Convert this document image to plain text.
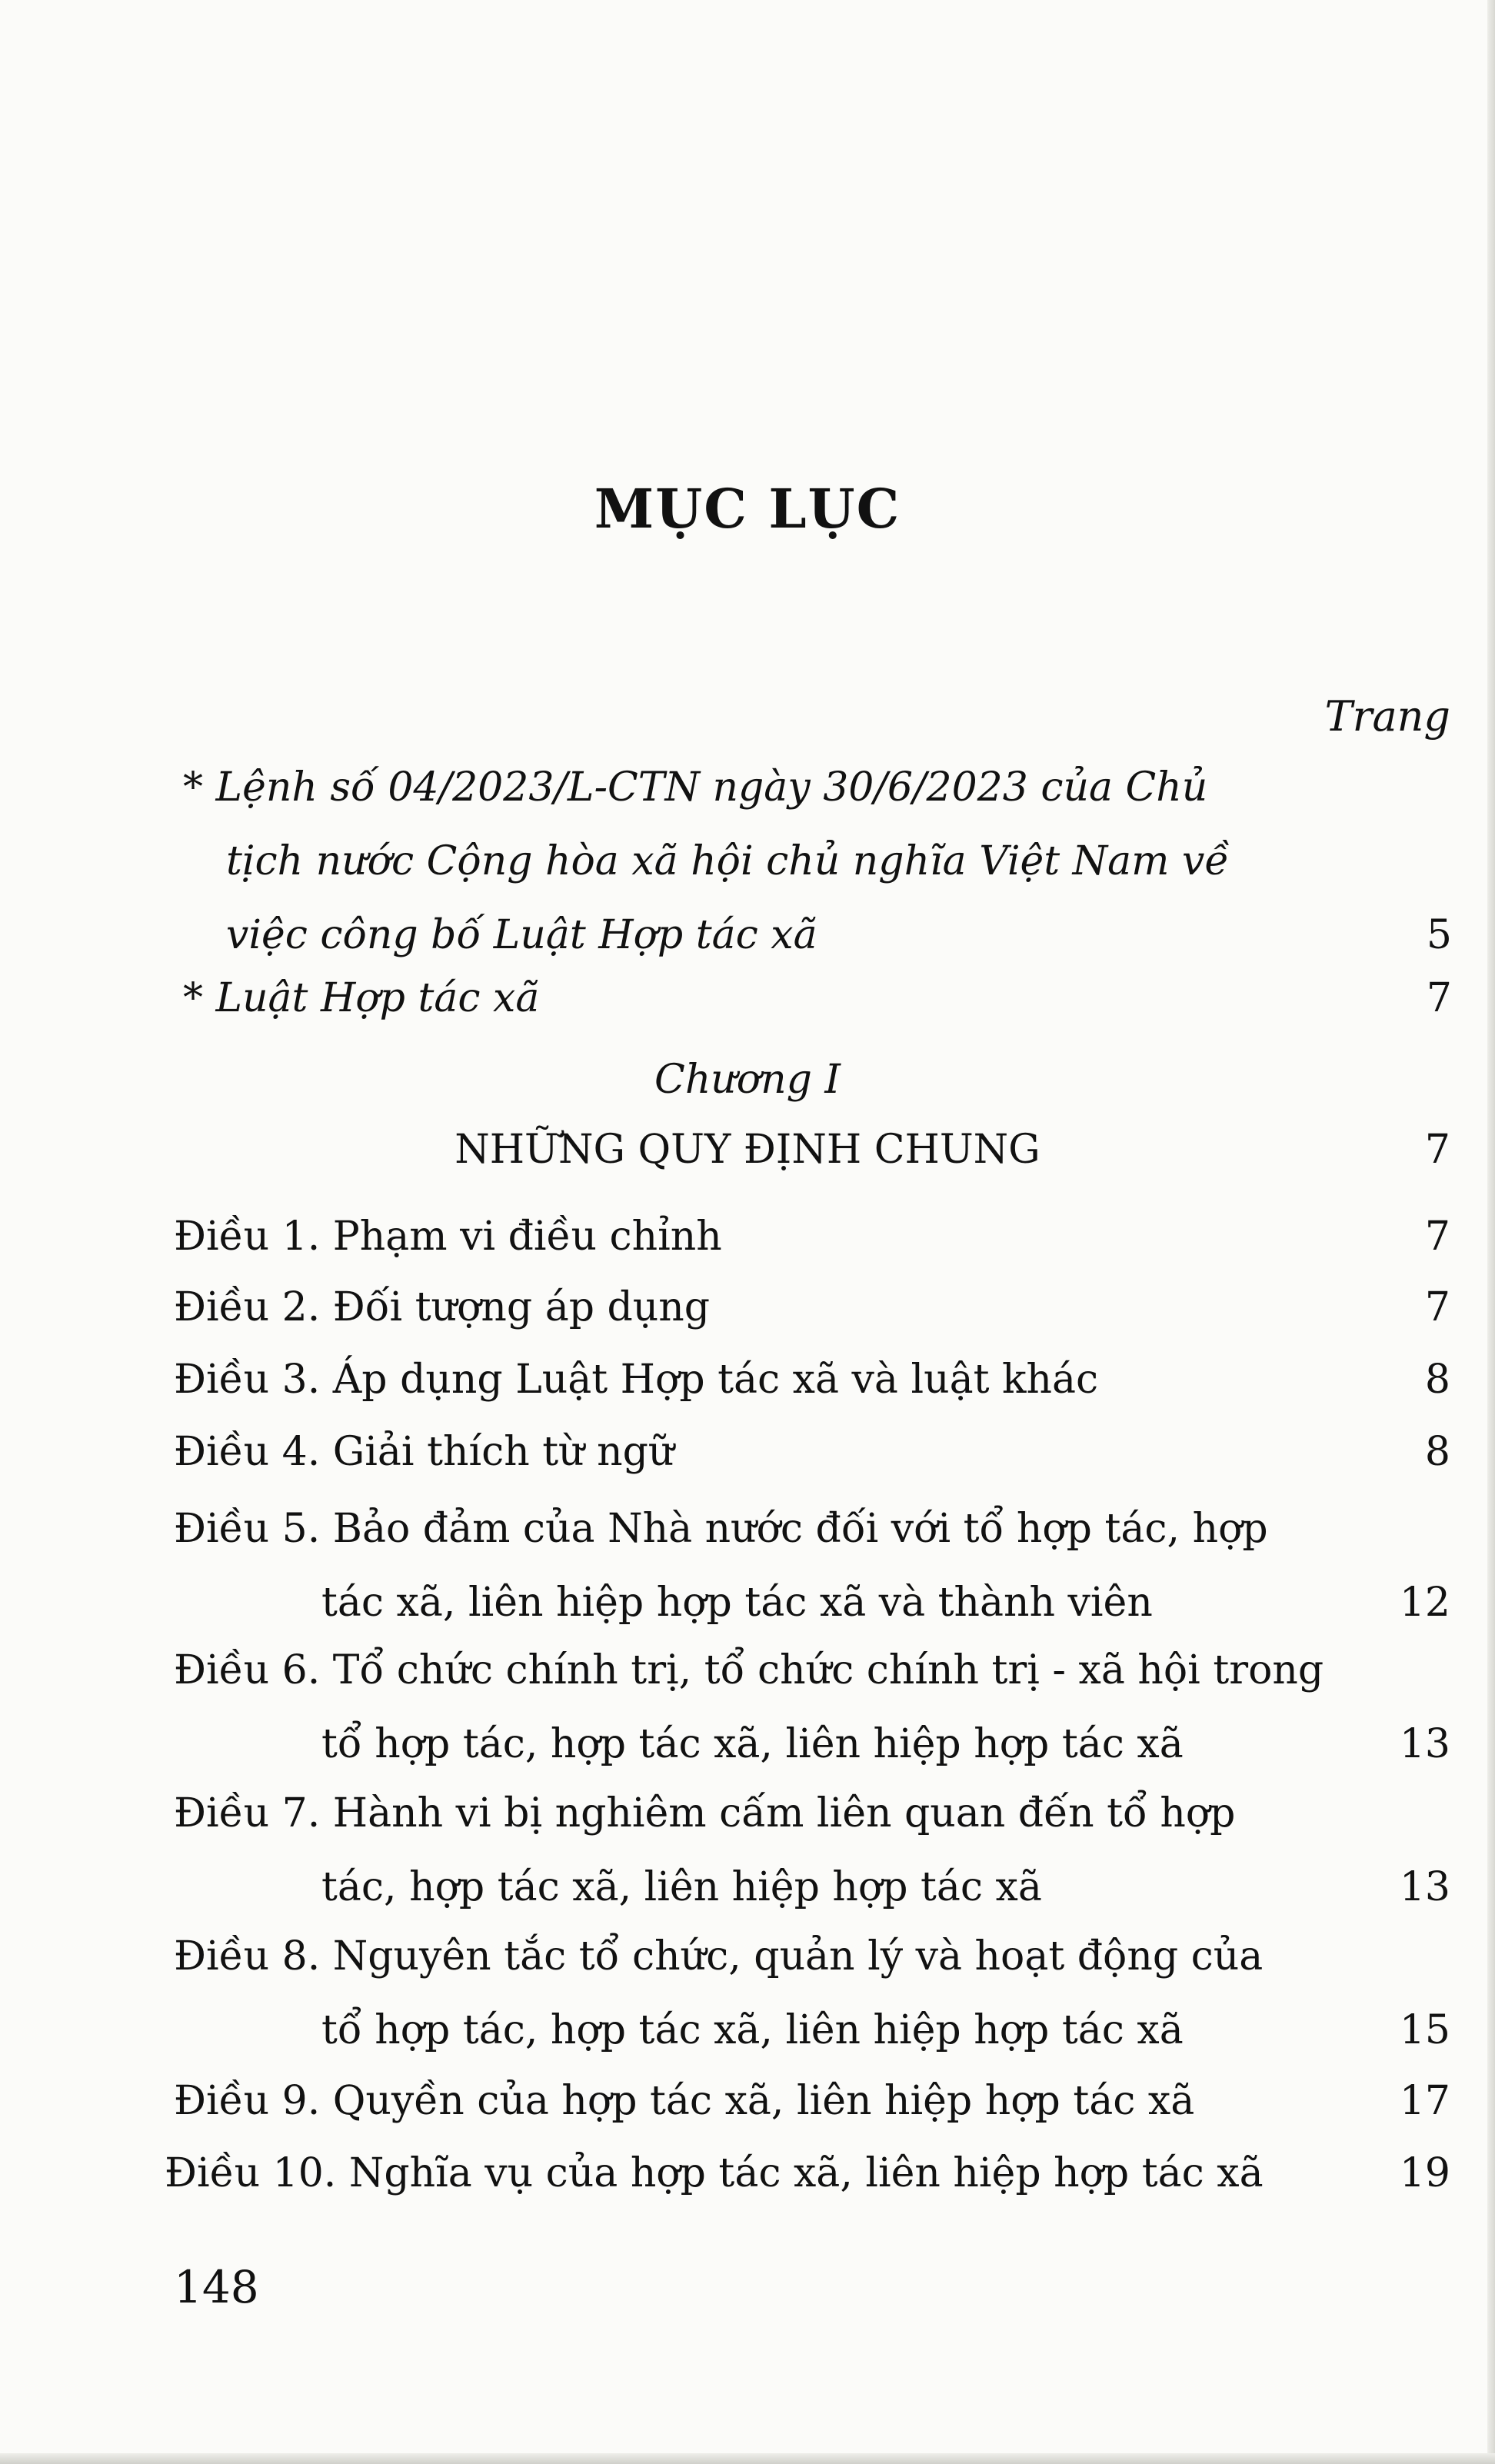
MỤC LỤC
Trang
* Lệnh số 04/2023/L-CTN ngày 30/6/2023 của Chủ
tịch nước Cộng hòa xã hội chủ nghĩa Việt Nam về
việc công bố Luật Hợp tác xã	5
* Luật Hợp tác xã	7
Chương I
NHỮNG QUY ĐỊNH CHUNG	7
Điều 1. Phạm vi điều chỉnh	7
Điều 2. Đối tượng áp dụng	7
Điều 3. Áp dụng Luật Hợp tác xã và luật khác	8
Điều 4. Giải thích từ ngữ	8
Điều 5. Bảo đảm của Nhà nước đối với tổ hợp tác, hợp
tác xã, liên hiệp hợp tác xã và thành viên	12
Điều 6. Tổ chức chính trị, tổ chức chính trị - xã hội trong
tổ hợp tác, hợp tác xã, liên hiệp hợp tác xã	13
Điều 7. Hành vi bị nghiêm cấm liên quan đến tổ hợp
tác, hợp tác xã, liên hiệp hợp tác xã	13
Điều 8. Nguyên tắc tổ chức, quản lý và hoạt động của
tổ hợp tác, hợp tác xã, liên hiệp hợp tác xã	15
Điều 9. Quyền của hợp tác xã, liên hiệp hợp tác xã	17
Điều 10. Nghĩa vụ của hợp tác xã, liên hiệp hợp tác xã	19
148
